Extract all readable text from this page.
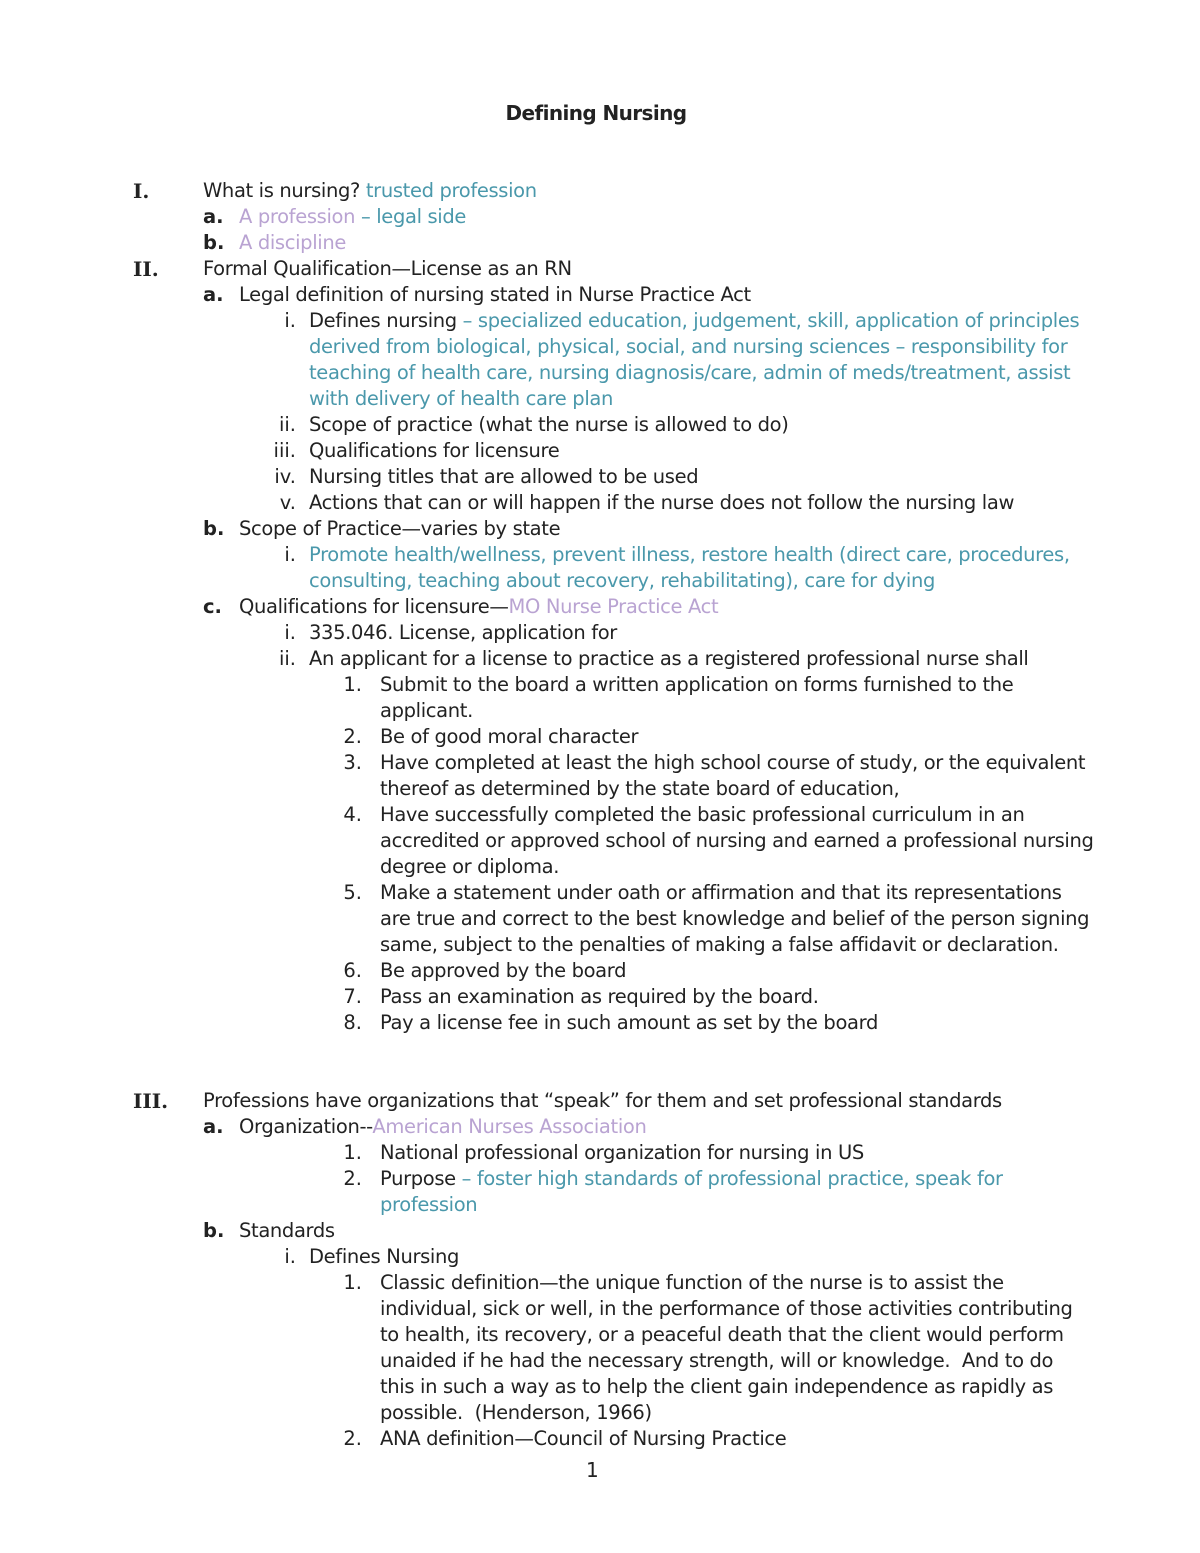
Defining Nursing
I.	What is nursing? trusted profession
a. A profession – legal side
b. A discipline
II. Formal Qualification—License as an RN
a. Legal definition of nursing stated in Nurse Practice Act
i. Defines nursing – specialized education, judgement, skill, application of principles
derived from biological, physical, social, and nursing sciences – responsibility for
teaching of health care, nursing diagnosis/care, admin of meds/treatment, assist
with delivery of health care plan
ii. Scope of practice (what the nurse is allowed to do)
iii. Qualifications for licensure
iv. Nursing titles that are allowed to be used
v. Actions that can or will happen if the nurse does not follow the nursing law
b. Scope of Practice—varies by state
i. Promote health/wellness, prevent illness, restore health (direct care, procedures,
consulting, teaching about recovery, rehabilitating), care for dying
c. Qualifications for licensure—MO Nurse Practice Act
i. 335.046. License, application for
ii. An applicant for a license to practice as a registered professional nurse shall
1. Submit to the board a written application on forms furnished to the
applicant.
2. Be of good moral character
3. Have completed at least the high school course of study, or the equivalent
thereof as determined by the state board of education,
4. Have successfully completed the basic professional curriculum in an
accredited or approved school of nursing and earned a professional nursing
degree or diploma.
5. Make a statement under oath or affirmation and that its representations
are true and correct to the best knowledge and belief of the person signing
same, subject to the penalties of making a false affidavit or declaration.
6. Be approved by the board
7. Pass an examination as required by the board.
8. Pay a license fee in such amount as set by the board
III. Professions have organizations that “speak” for them and set professional standards
a. Organization--American Nurses Association
1. National professional organization for nursing in US
2. Purpose – foster high standards of professional practice, speak for
profession
b. Standards
i. Defines Nursing
1. Classic definition—the unique function of the nurse is to assist the
individual, sick or well, in the performance of those activities contributing
to health, its recovery, or a peaceful death that the client would perform
unaided if he had the necessary strength, will or knowledge.  And to do
this in such a way as to help the client gain independence as rapidly as
possible.  (Henderson, 1966)
2. ANA definition—Council of Nursing Practice
1
